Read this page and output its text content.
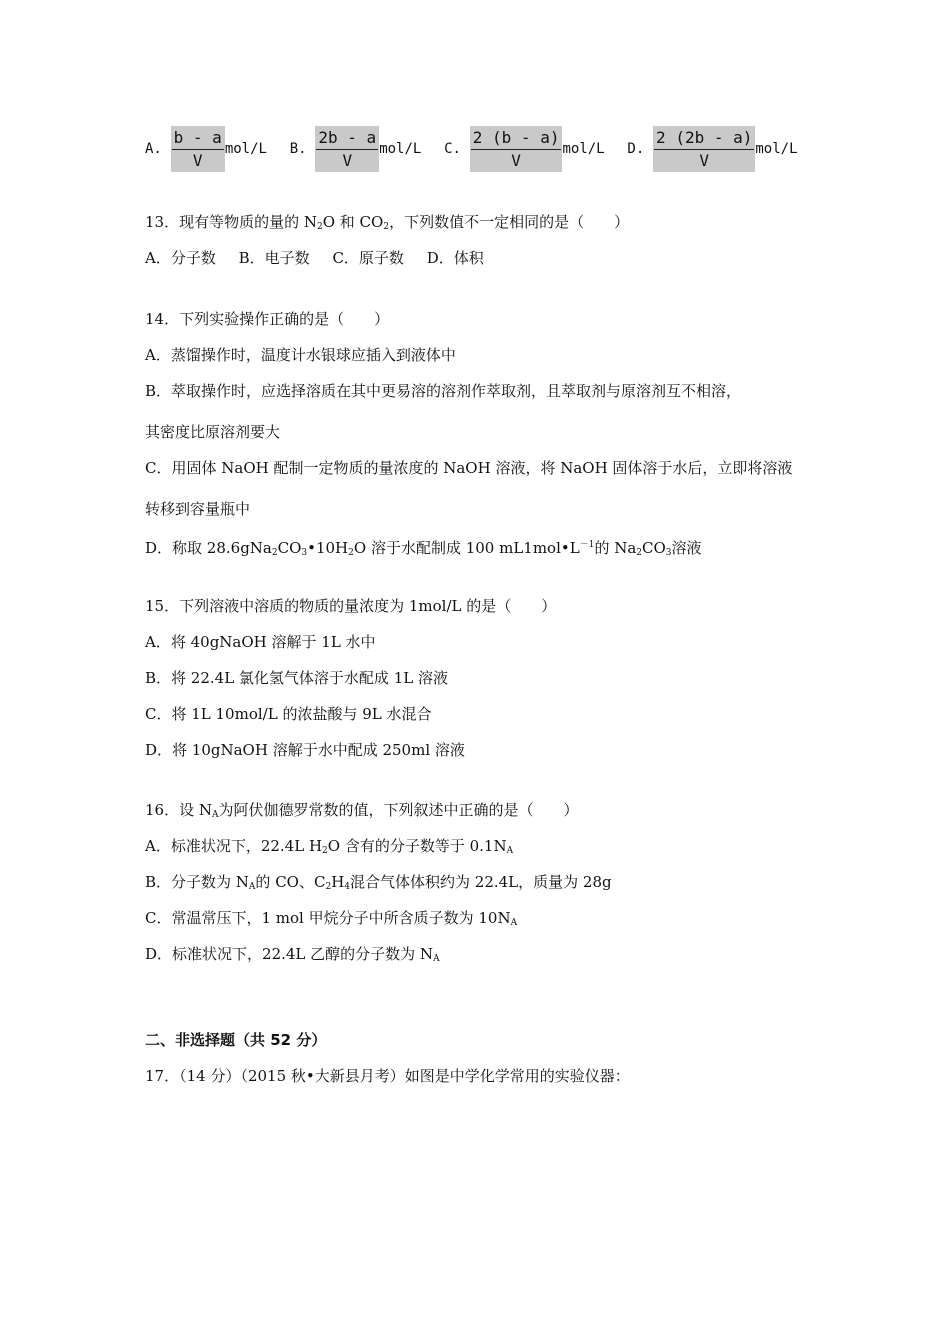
A. $\frac{b - a}{V} mol/L$ B. $\frac{2b - a}{V} mol/L$ C. $\frac{2 (b - a)}{V} mol/L$ D. $\frac{2 (2b - a)}{V} mol/L$
13．现有等物质的量的 $N_2O$ 和 $CO_2$，下列数值不一定相同的是（　　）
A．分子数 B．电子数 C．原子数 D．体积
14．下列实验操作正确的是（　　）
A．蒸馏操作时，温度计水银球应插入到液体中
B．萃取操作时，应选择溶质在其中更易溶的溶剂作萃取剂，且萃取剂与原溶剂互不相溶，
其密度比原溶剂要大
C．用固体 NaOH 配制一定物质的量浓度的 NaOH 溶液，将 NaOH 固体溶于水后，立即将溶液
转移到容量瓶中
D．称取 $28.6gNa_2CO_3•10H_2O$ 溶于水配制成 100 $mL1mol•L^{-1}$的 $Na_2CO_3$溶液
15．下列溶液中溶质的物质的量浓度为 1mol/L 的是（　　）
A．将 40gNaOH 溶解于 1L 水中
B．将 22.4L 氯化氢气体溶于水配成 1L 溶液
C．将 1L 10mol/L 的浓盐酸与 9L 水混合
D．将 10gNaOH 溶解于水中配成 250ml 溶液
16．设 $N_A$为阿伏伽德罗常数的值，下列叙述中正确的是（　　）
A．标准状况下，22.4L $H_2O$ 含有的分子数等于 $0.1N_A$
B．分子数为 $N_A$的 CO、$C_2H_4$混合气体体积约为 22.4L，质量为 28g
C．常温常压下，1 mol 甲烷分子中所含质子数为 $10N_A$
D．标准状况下，22.4L 乙醇的分子数为 $N_A$
二、非选择题（共 52 分）
17．（14 分）（2015 秋•大新县月考）如图是中学化学常用的实验仪器：
